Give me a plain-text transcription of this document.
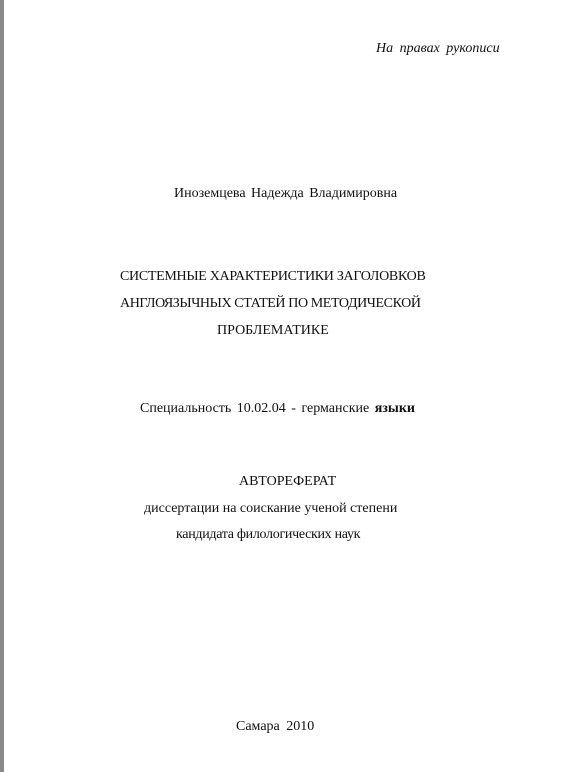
На правах рукописи
Иноземцева Надежда Владимировна
СИСТЕМНЫЕ ХАРАКТЕРИСТИКИ ЗАГОЛОВКОВ
АНГЛОЯЗЫЧНЫХ СТАТЕЙ ПО МЕТОДИЧЕСКОЙ
ПРОБЛЕМАТИКЕ
Специальность 10.02.04 - германские языки
АВТОРЕФЕРАТ
диссертации на соискание ученой степени
кандидата филологических наук
Самара 2010
